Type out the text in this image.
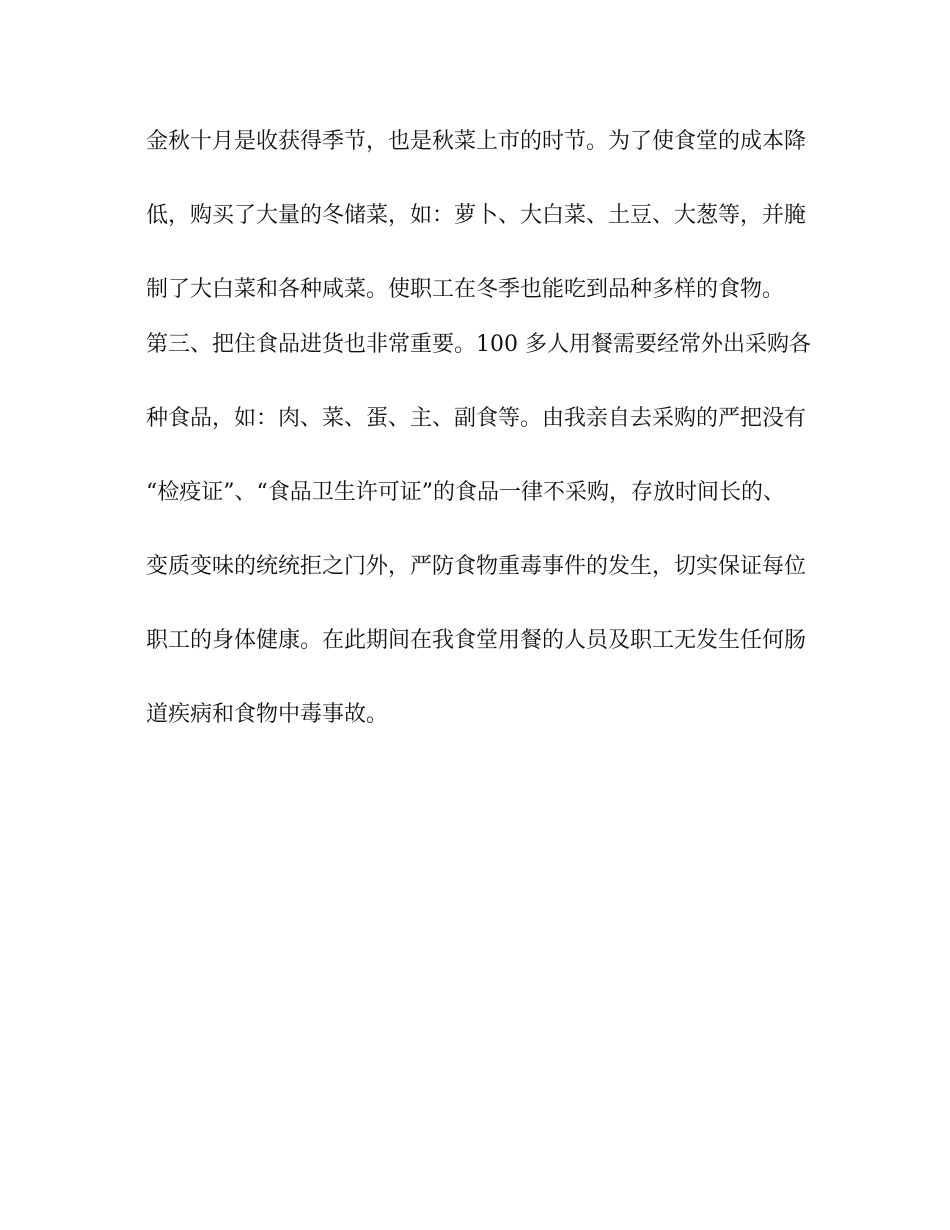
金秋十月是收获得季节，也是秋菜上市的时节。为了使食堂的成本降
低，购买了大量的冬储菜，如：萝卜、大白菜、土豆、大葱等，并腌
制了大白菜和各种咸菜。使职工在冬季也能吃到品种多样的食物。
第三、把住食品进货也非常重要。100 多人用餐需要经常外出采购各
种食品，如：肉、菜、蛋、主、副食等。由我亲自去采购的严把没有
“检疫证”、“食品卫生许可证”的食品一律不采购，存放时间长的、
变质变味的统统拒之门外，严防食物重毒事件的发生，切实保证每位
职工的身体健康。在此期间在我食堂用餐的人员及职工无发生任何肠
道疾病和食物中毒事故。
